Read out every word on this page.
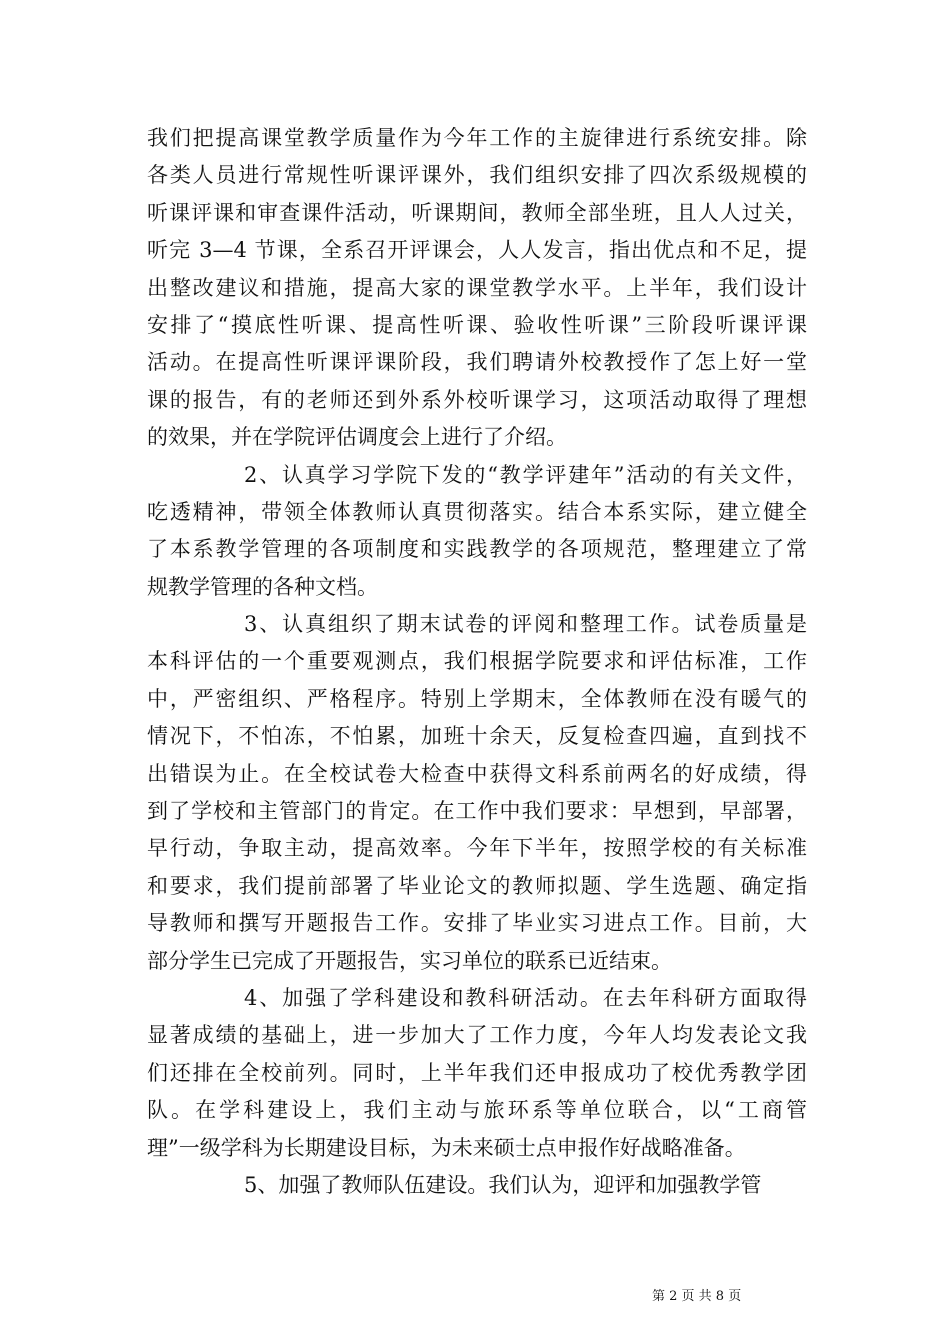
我们把提高课堂教学质量作为今年工作的主旋律进行系统安排。除
各类人员进行常规性听课评课外，我们组织安排了四次系级规模的
听课评课和审查课件活动，听课期间，教师全部坐班，且人人过关，
听完 3—4 节课，全系召开评课会，人人发言，指出优点和不足，提
出整改建议和措施，提高大家的课堂教学水平。上半年，我们设计
安排了“摸底性听课、提高性听课、验收性听课”三阶段听课评课
活动。在提高性听课评课阶段，我们聘请外校教授作了怎上好一堂
课的报告，有的老师还到外系外校听课学习，这项活动取得了理想
的效果，并在学院评估调度会上进行了介绍。
2、认真学习学院下发的“教学评建年”活动的有关文件，
吃透精神，带领全体教师认真贯彻落实。结合本系实际，建立健全
了本系教学管理的各项制度和实践教学的各项规范，整理建立了常
规教学管理的各种文档。
3、认真组织了期末试卷的评阅和整理工作。试卷质量是
本科评估的一个重要观测点，我们根据学院要求和评估标准，工作
中，严密组织、严格程序。特别上学期末，全体教师在没有暖气的
情况下，不怕冻，不怕累，加班十余天，反复检查四遍，直到找不
出错误为止。在全校试卷大检查中获得文科系前两名的好成绩，得
到了学校和主管部门的肯定。在工作中我们要求：早想到，早部署，
早行动，争取主动，提高效率。今年下半年，按照学校的有关标准
和要求，我们提前部署了毕业论文的教师拟题、学生选题、确定指
导教师和撰写开题报告工作。安排了毕业实习进点工作。目前，大
部分学生已完成了开题报告，实习单位的联系已近结束。
4、加强了学科建设和教科研活动。在去年科研方面取得
显著成绩的基础上，进一步加大了工作力度，今年人均发表论文我
们还排在全校前列。同时，上半年我们还申报成功了校优秀教学团
队。在学科建设上，我们主动与旅环系等单位联合，以“工商管
理”一级学科为长期建设目标，为未来硕士点申报作好战略准备。
5、加强了教师队伍建设。我们认为，迎评和加强教学管
第 2 页 共 8 页
